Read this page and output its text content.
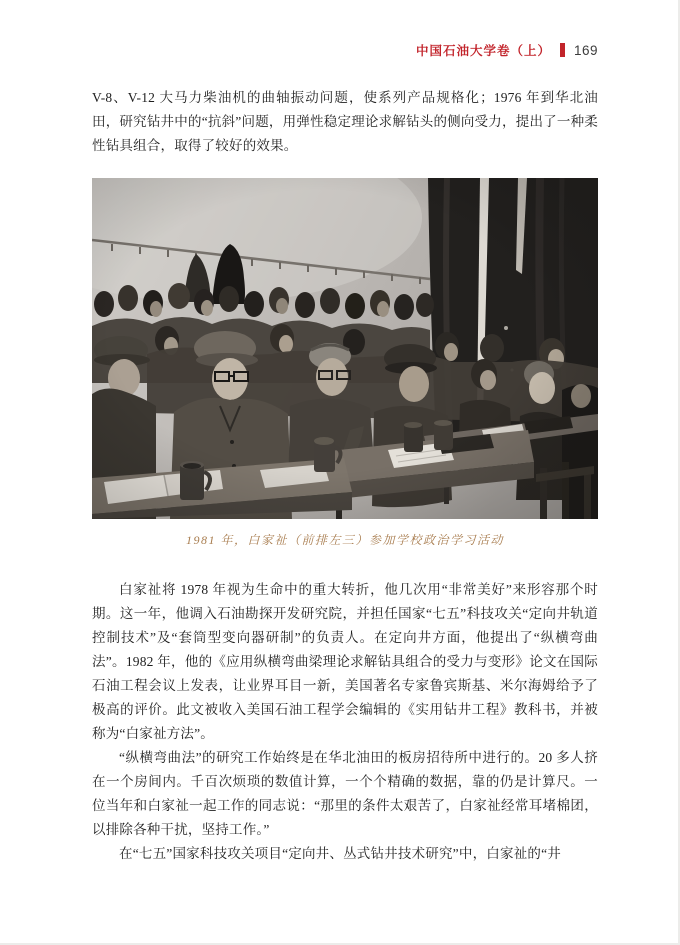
中国石油大学卷（上） 169

V-8、V-12 大马力柴油机的曲轴振动问题，使系列产品规格化；1976 年到华北油田，研究钻井中的“抗斜”问题，用弹性稳定理论求解钻头的侧向受力，提出了一种柔性钻具组合，取得了较好的效果。

1981 年，白家祉（前排左三）参加学校政治学习活动

白家祉将 1978 年视为生命中的重大转折，他几次用“非常美好”来形容那个时期。这一年，他调入石油勘探开发研究院，并担任国家“七五”科技攻关“定向井轨道控制技术”及“套筒型变向器研制”的负责人。在定向井方面，他提出了“纵横弯曲法”。1982 年，他的《应用纵横弯曲梁理论求解钻具组合的受力与变形》论文在国际石油工程会议上发表，让业界耳目一新，美国著名专家鲁宾斯基、米尔海姆给予了极高的评价。此文被收入美国石油工程学会编辑的《实用钻井工程》教科书，并被称为“白家祉方法”。

“纵横弯曲法”的研究工作始终是在华北油田的板房招待所中进行的。20 多人挤在一个房间内。千百次烦琐的数值计算，一个个精确的数据，靠的仍是计算尺。一位当年和白家祉一起工作的同志说：“那里的条件太艰苦了，白家祉经常耳堵棉团，以排除各种干扰，坚持工作。”

在“七五”国家科技攻关项目“定向井、丛式钻井技术研究”中，白家祉的“井
